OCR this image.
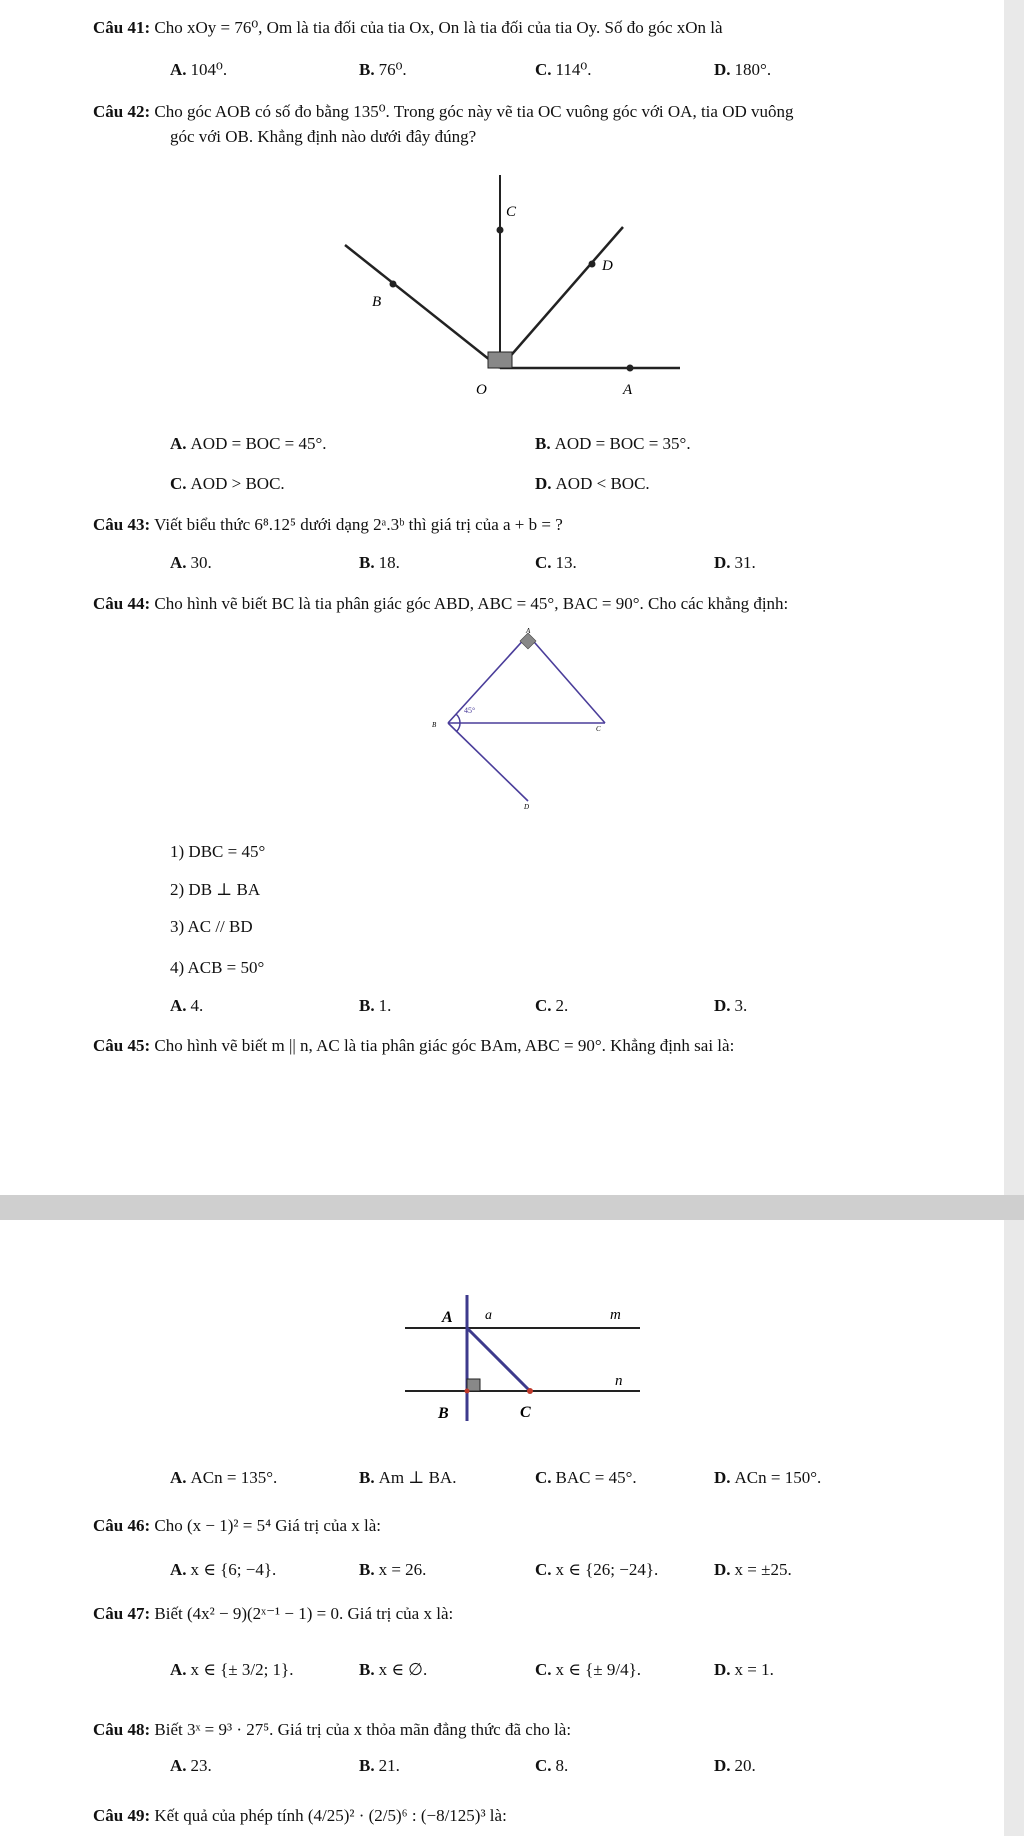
Câu 41: Cho xOy = 76⁰, Om là tia đối của tia Ox, On là tia đối của tia Oy. Số đo góc xOn là
A. 104⁰.	B. 76⁰.	C. 114⁰.	D. 180°.
Câu 42: Cho góc AOB có số đo bằng 135⁰. Trong góc này vẽ tia OC vuông góc với OA, tia OD vuông
góc với OB. Khẳng định nào dưới đây đúng?
C
D
B
O	A
A. AOD = BOC = 45°.	B. AOD = BOC = 35°.
C. AOD > BOC.	D. AOD < BOC.
Câu 43: Viết biểu thức 6⁸.12⁵ dưới dạng 2ᵃ.3ᵇ thì giá trị của a + b = ?
A. 30.	B. 18.	C. 13.	D. 31.
Câu 44: Cho hình vẽ biết BC là tia phân giác góc ABD, ABC = 45°, BAC = 90°. Cho các khẳng định:
A
B	C
D
45°
1) DBC = 45°
2) DB ⊥ BA
3) AC // BD
4) ACB = 50°
A. 4.	B. 1.	C. 2.	D. 3.
Câu 45: Cho hình vẽ biết m || n, AC là tia phân giác góc BAm, ABC = 90°. Khẳng định sai là:
A a	m
n
B	C
A. ACn = 135°.	B. Am ⊥ BA.	C. BAC = 45°.	D. ACn = 150°.
Câu 46: Cho (x − 1)² = 5⁴ Giá trị của x là:
A. x ∈ {6; −4}.	B. x = 26.	C. x ∈ {26; −24}.	D. x = ±25.
Câu 47: Biết (4x² − 9)(2ˣ⁻¹ − 1) = 0. Giá trị của x là:
A. x ∈ {± 3/2; 1}.	B. x ∈ ∅.	C. x ∈ {± 9/4}.	D. x = 1.
Câu 48: Biết 3ˣ = 9³ · 27⁵. Giá trị của x thỏa mãn đẳng thức đã cho là:
A. 23.	B. 21.	C. 8.	D. 20.
Câu 49: Kết quả của phép tính (4/25)² · (2/5)⁶ : (−8/125)³ là:
